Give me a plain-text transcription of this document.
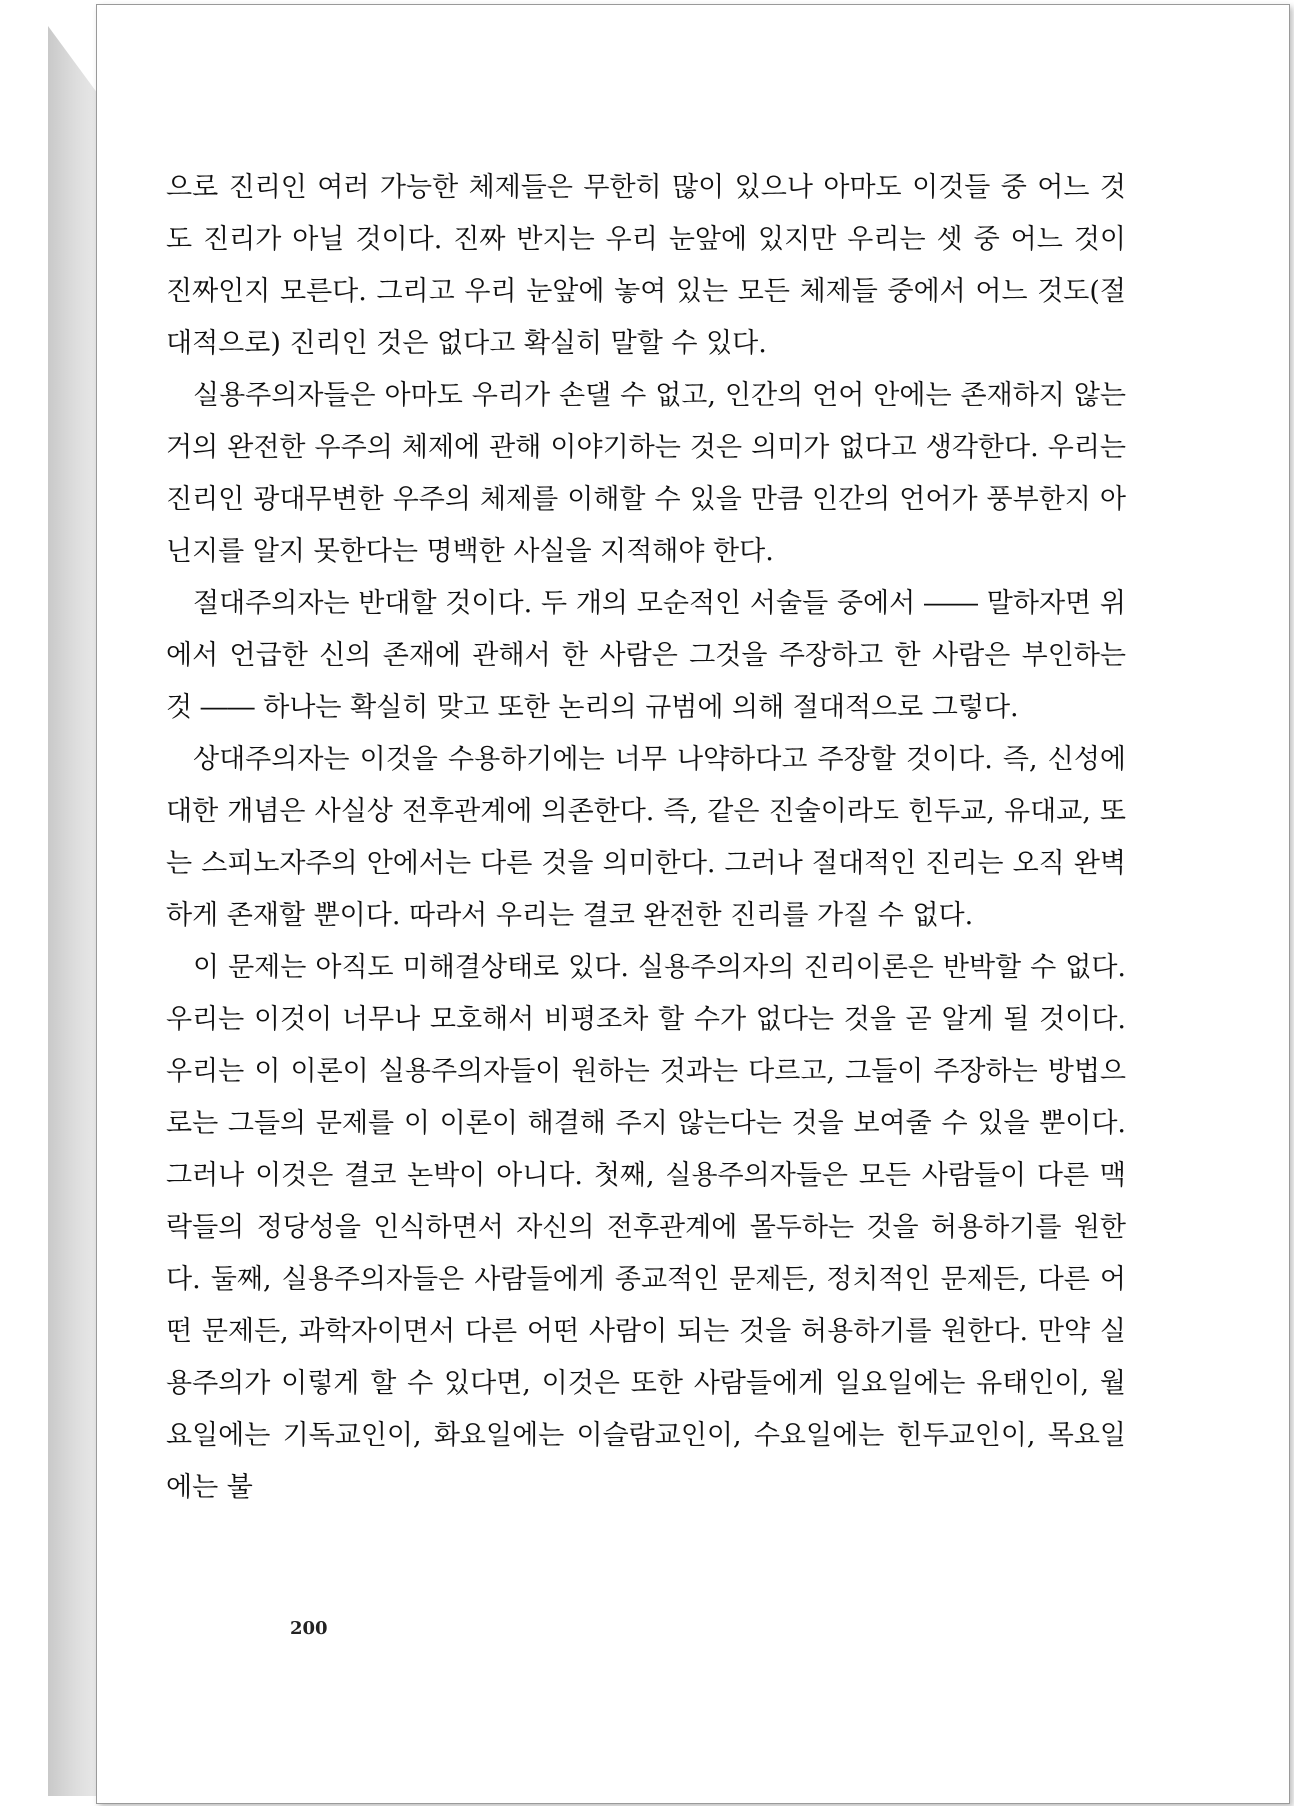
으로 진리인 여러 가능한 체제들은 무한히 많이 있으나 아마도 이것들 중 어느 것도 진리가 아닐 것이다. 진짜 반지는 우리 눈앞에 있지만 우리는 셋 중 어느 것이 진짜인지 모른다. 그리고 우리 눈앞에 놓여 있는 모든 체제들 중에서 어느 것도(절대적으로) 진리인 것은 없다고 확실히 말할 수 있다.

실용주의자들은 아마도 우리가 손댈 수 없고, 인간의 언어 안에는 존재하지 않는 거의 완전한 우주의 체제에 관해 이야기하는 것은 의미가 없다고 생각한다. 우리는 진리인 광대무변한 우주의 체제를 이해할 수 있을 만큼 인간의 언어가 풍부한지 아닌지를 알지 못한다는 명백한 사실을 지적해야 한다.

절대주의자는 반대할 것이다. 두 개의 모순적인 서술들 중에서 ―― 말하자면 위에서 언급한 신의 존재에 관해서 한 사람은 그것을 주장하고 한 사람은 부인하는 것 ―― 하나는 확실히 맞고 또한 논리의 규범에 의해 절대적으로 그렇다.

상대주의자는 이것을 수용하기에는 너무 나약하다고 주장할 것이다. 즉, 신성에 대한 개념은 사실상 전후관계에 의존한다. 즉, 같은 진술이라도 힌두교, 유대교, 또는 스피노자주의 안에서는 다른 것을 의미한다. 그러나 절대적인 진리는 오직 완벽하게 존재할 뿐이다. 따라서 우리는 결코 완전한 진리를 가질 수 없다.

이 문제는 아직도 미해결상태로 있다. 실용주의자의 진리이론은 반박할 수 없다. 우리는 이것이 너무나 모호해서 비평조차 할 수가 없다는 것을 곧 알게 될 것이다. 우리는 이 이론이 실용주의자들이 원하는 것과는 다르고, 그들이 주장하는 방법으로는 그들의 문제를 이 이론이 해결해 주지 않는다는 것을 보여줄 수 있을 뿐이다. 그러나 이것은 결코 논박이 아니다. 첫째, 실용주의자들은 모든 사람들이 다른 맥락들의 정당성을 인식하면서 자신의 전후관계에 몰두하는 것을 허용하기를 원한다. 둘째, 실용주의자들은 사람들에게 종교적인 문제든, 정치적인 문제든, 다른 어떤 문제든, 과학자이면서 다른 어떤 사람이 되는 것을 허용하기를 원한다. 만약 실용주의가 이렇게 할 수 있다면, 이것은 또한 사람들에게 일요일에는 유태인이, 월요일에는 기독교인이, 화요일에는 이슬람교인이, 수요일에는 힌두교인이, 목요일에는 불

200
